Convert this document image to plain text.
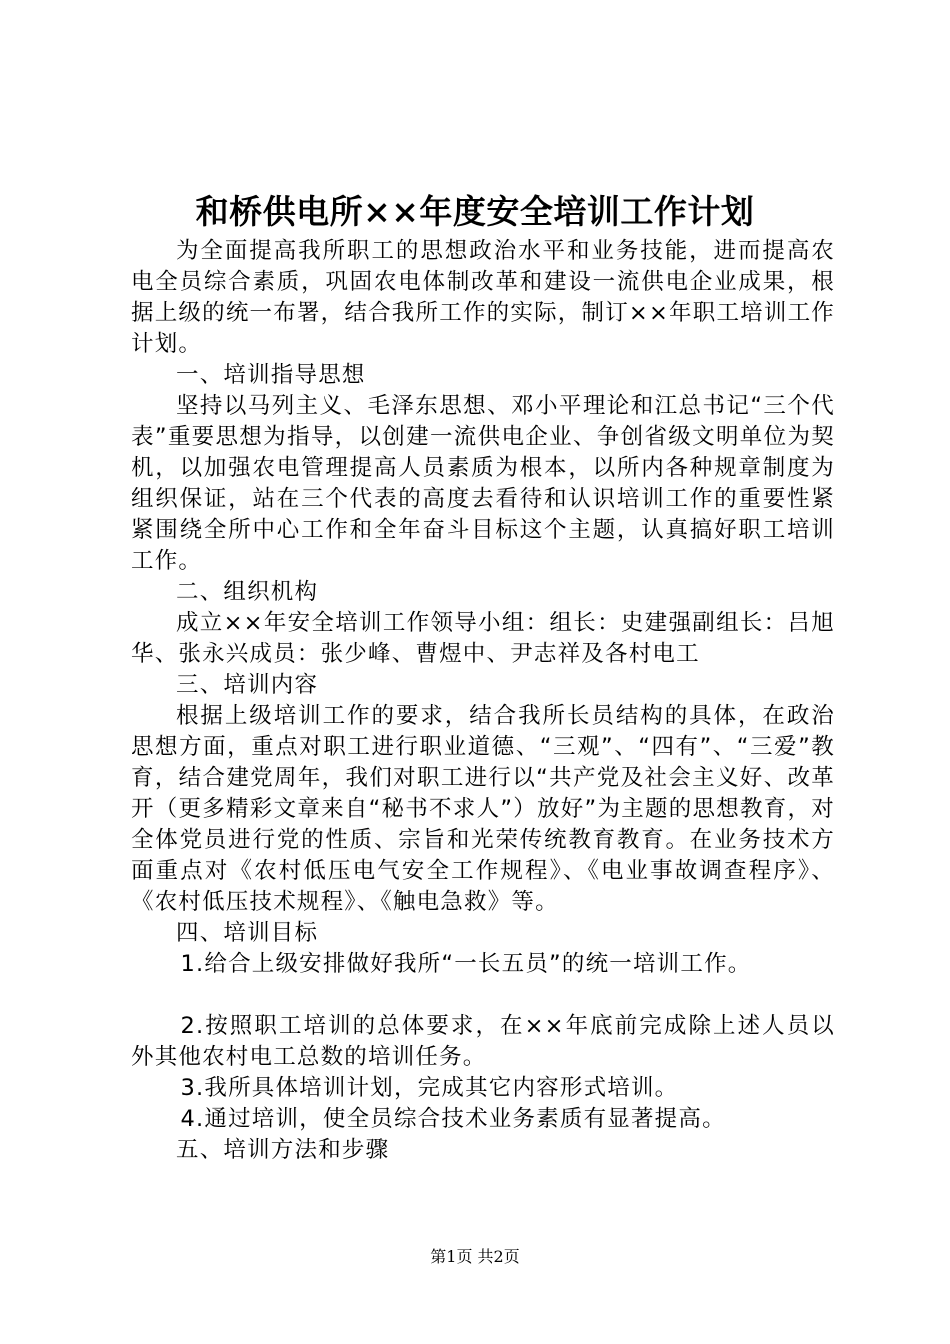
和桥供电所××年度安全培训工作计划

为全面提高我所职工的思想政治水平和业务技能，进而提高农电全员综合素质，巩固农电体制改革和建设一流供电企业成果，根据上级的统一布署，结合我所工作的实际，制订××年职工培训工作计划。

一、培训指导思想

坚持以马列主义、毛泽东思想、邓小平理论和江总书记“三个代表”重要思想为指导，以创建一流供电企业、争创省级文明单位为契机，以加强农电管理提高人员素质为根本，以所内各种规章制度为组织保证，站在三个代表的高度去看待和认识培训工作的重要性紧紧围绕全所中心工作和全年奋斗目标这个主题，认真搞好职工培训工作。

二、组织机构

成立××年安全培训工作领导小组：组长：史建强副组长：吕旭华、张永兴成员：张少峰、曹煜中、尹志祥及各村电工

三、培训内容

根据上级培训工作的要求，结合我所长员结构的具体，在政治思想方面，重点对职工进行职业道德、“三观”、“四有”、“三爱”教育，结合建党周年，我们对职工进行以“共产党及社会主义好、改革开（更多精彩文章来自“秘书不求人”）放好”为主题的思想教育，对全体党员进行党的性质、宗旨和光荣传统教育教育。在业务技术方面重点对《农村低压电气安全工作规程》、《电业事故调查程序》、《农村低压技术规程》、《触电急救》等。

四、培训目标

1.给合上级安排做好我所“一长五员”的统一培训工作。

2.按照职工培训的总体要求，在××年底前完成除上述人员以外其他农村电工总数的培训任务。

3.我所具体培训计划，完成其它内容形式培训。

4.通过培训，使全员综合技术业务素质有显著提高。

五、培训方法和步骤

第1页 共2页
